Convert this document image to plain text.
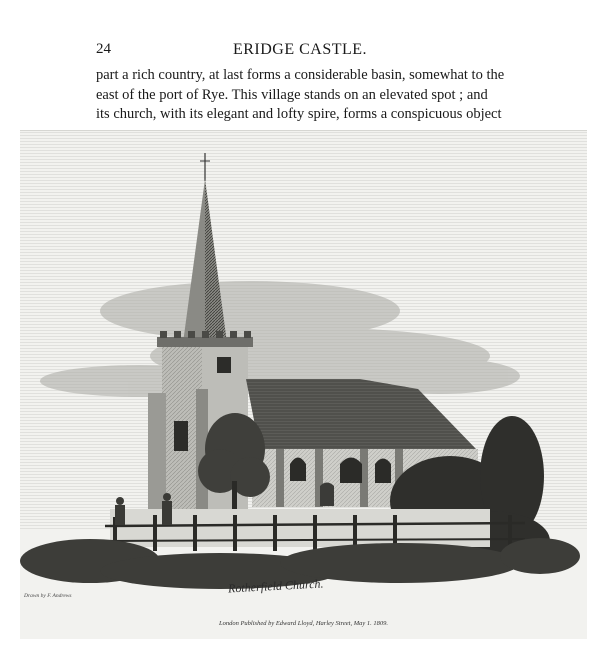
24	ERIDGE CASTLE.

part a rich country, at last forms a considerable basin, somewhat to the

east of the port of Rye. This village stands on an elevated spot ; and

its church, with its elegant and lofty spire, forms a conspicuous object

Rotherfield Church.
Drawn by F. Andrews
London Published by Edward Lloyd, Harley Street, May 1. 1809.
